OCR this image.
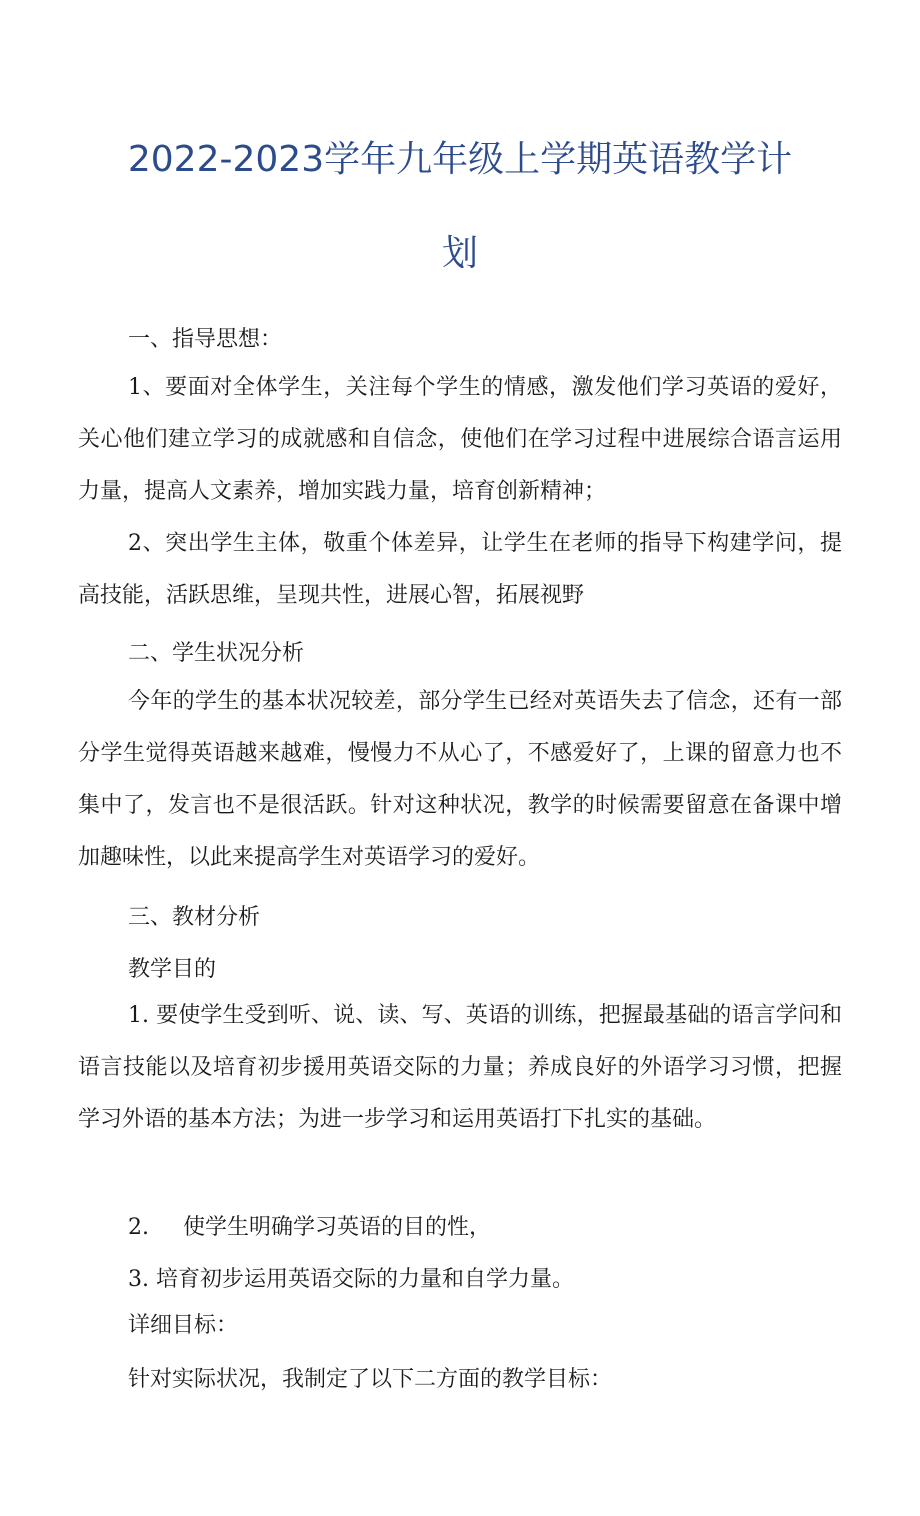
2022-2023学年九年级上学期英语教学计
划

一、指导思想：

1、要面对全体学生，关注每个学生的情感，激发他们学习英语的爱好，关心他们建立学习的成就感和自信念，使他们在学习过程中进展综合语言运用力量，提高人文素养，增加实践力量，培育创新精神；

2、突出学生主体，敬重个体差异，让学生在老师的指导下构建学问，提高技能，活跃思维，呈现共性，进展心智，拓展视野

二、学生状况分析

今年的学生的基本状况较差，部分学生已经对英语失去了信念，还有一部分学生觉得英语越来越难，慢慢力不从心了，不感爱好了，上课的留意力也不集中了，发言也不是很活跃。针对这种状况，教学的时候需要留意在备课中增加趣味性，以此来提高学生对英语学习的爱好。

三、教材分析

教学目的

1. 要使学生受到听、说、读、写、英语的训练，把握最基础的语言学问和语言技能以及培育初步援用英语交际的力量；养成良好的外语学习习惯，把握学习外语的基本方法；为进一步学习和运用英语打下扎实的基础。

2. 使学生明确学习英语的目的性，

3. 培育初步运用英语交际的力量和自学力量。

详细目标：

针对实际状况，我制定了以下二方面的教学目标：
